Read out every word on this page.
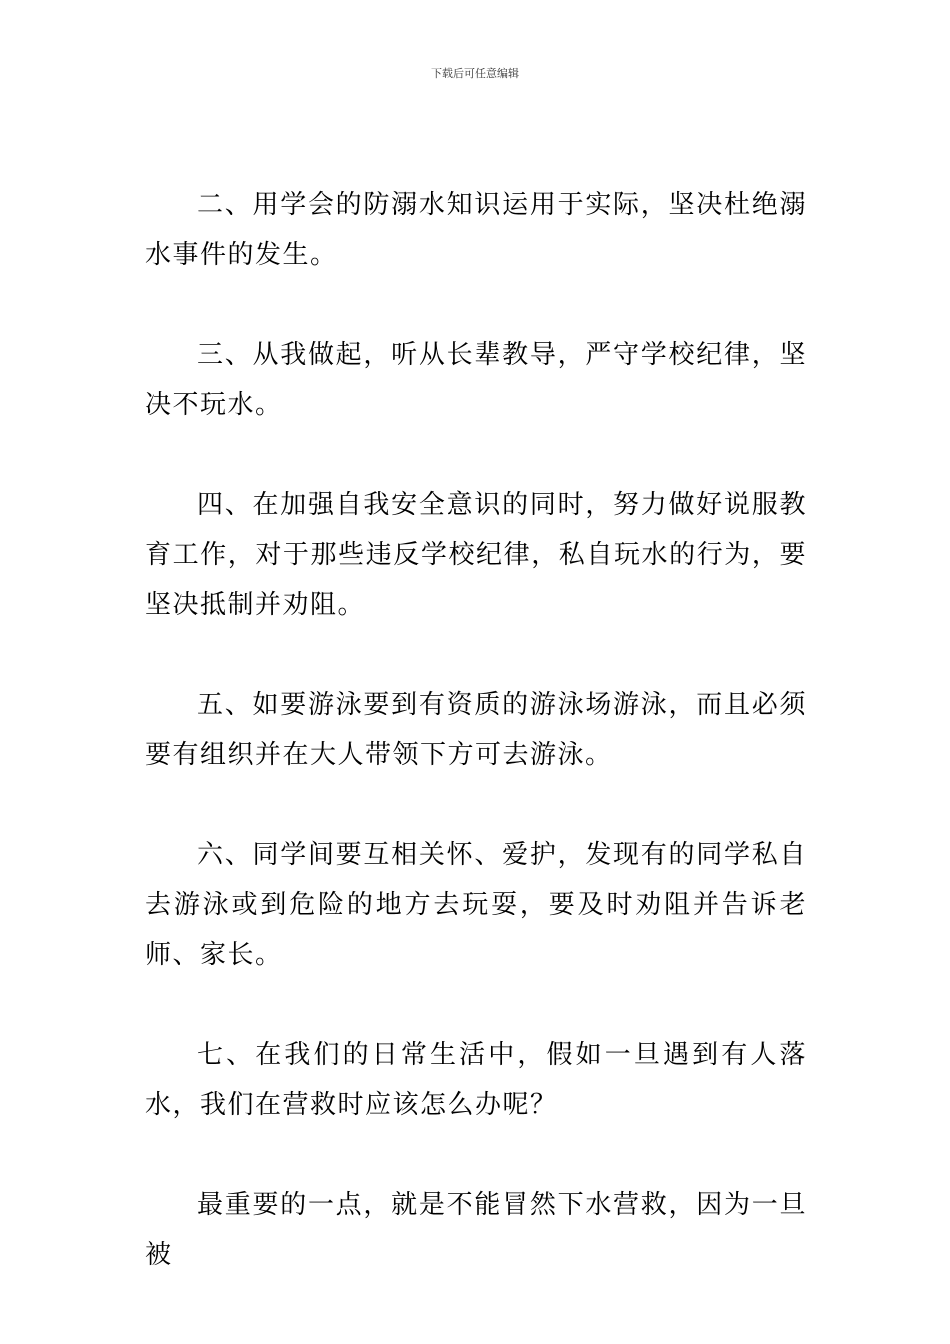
下载后可任意编辑

二、用学会的防溺水知识运用于实际，坚决杜绝溺水事件的发生。

三、从我做起，听从长辈教导，严守学校纪律，坚决不玩水。

四、在加强自我安全意识的同时，努力做好说服教育工作，对于那些违反学校纪律，私自玩水的行为，要坚决抵制并劝阻。

五、如要游泳要到有资质的游泳场游泳，而且必须要有组织并在大人带领下方可去游泳。

六、同学间要互相关怀、爱护，发现有的同学私自去游泳或到危险的地方去玩耍，要及时劝阻并告诉老师、家长。

七、在我们的日常生活中，假如一旦遇到有人落水，我们在营救时应该怎么办呢？

最重要的一点，就是不能冒然下水营救，因为一旦被
